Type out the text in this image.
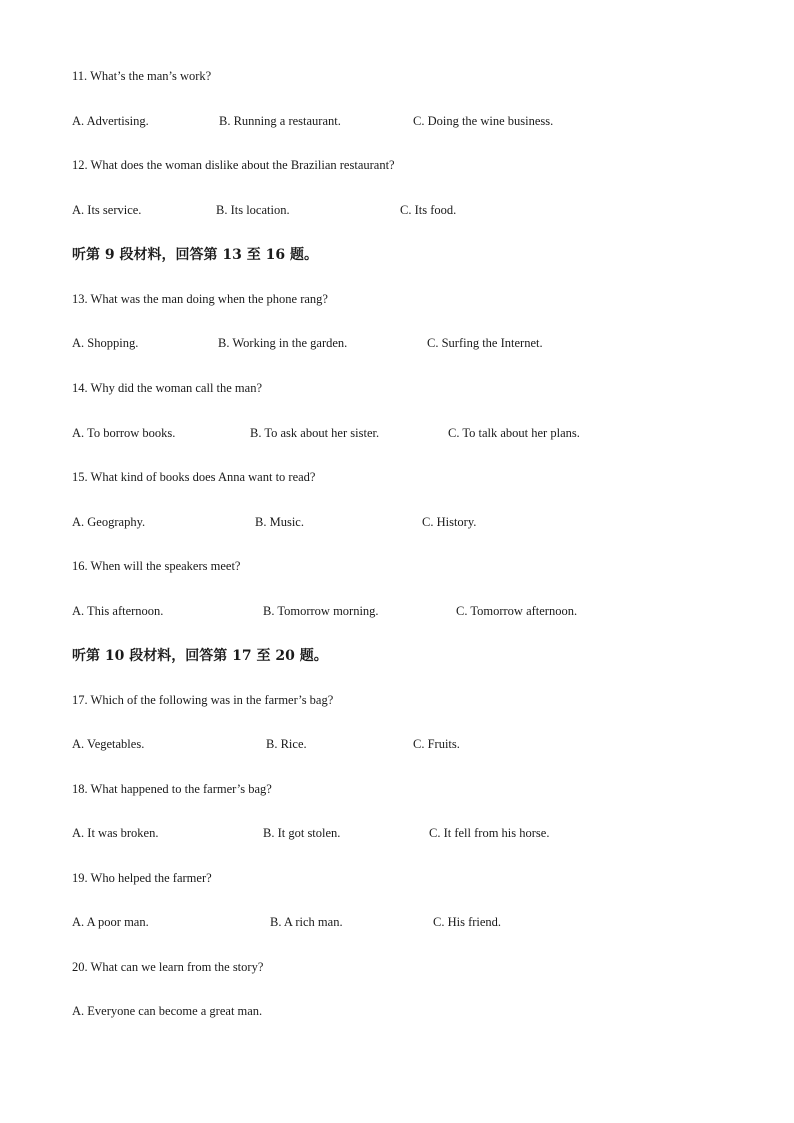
11. What’s the man’s work?
A. Advertising.	B. Running a restaurant.	C. Doing the wine business.
12. What does the woman dislike about the Brazilian restaurant?
A. Its service.	B. Its location.	C. Its food.
听第 9 段材料，回答第 13 至 16 题。
13. What was the man doing when the phone rang?
A. Shopping.	B. Working in the garden.	C. Surfing the Internet.
14. Why did the woman call the man?
A. To borrow books.	B. To ask about her sister.	C. To talk about her plans.
15. What kind of books does Anna want to read?
A. Geography.	B. Music.	C. History.
16. When will the speakers meet?
A. This afternoon.	B. Tomorrow morning.	C. Tomorrow afternoon.
听第 10 段材料，回答第 17 至 20 题。
17. Which of the following was in the farmer’s bag?
A. Vegetables.	B. Rice.	C. Fruits.
18. What happened to the farmer’s bag?
A. It was broken.	B. It got stolen.	C. It fell from his horse.
19. Who helped the farmer?
A. A poor man.	B. A rich man.	C. His friend.
20. What can we learn from the story?
A. Everyone can become a great man.
